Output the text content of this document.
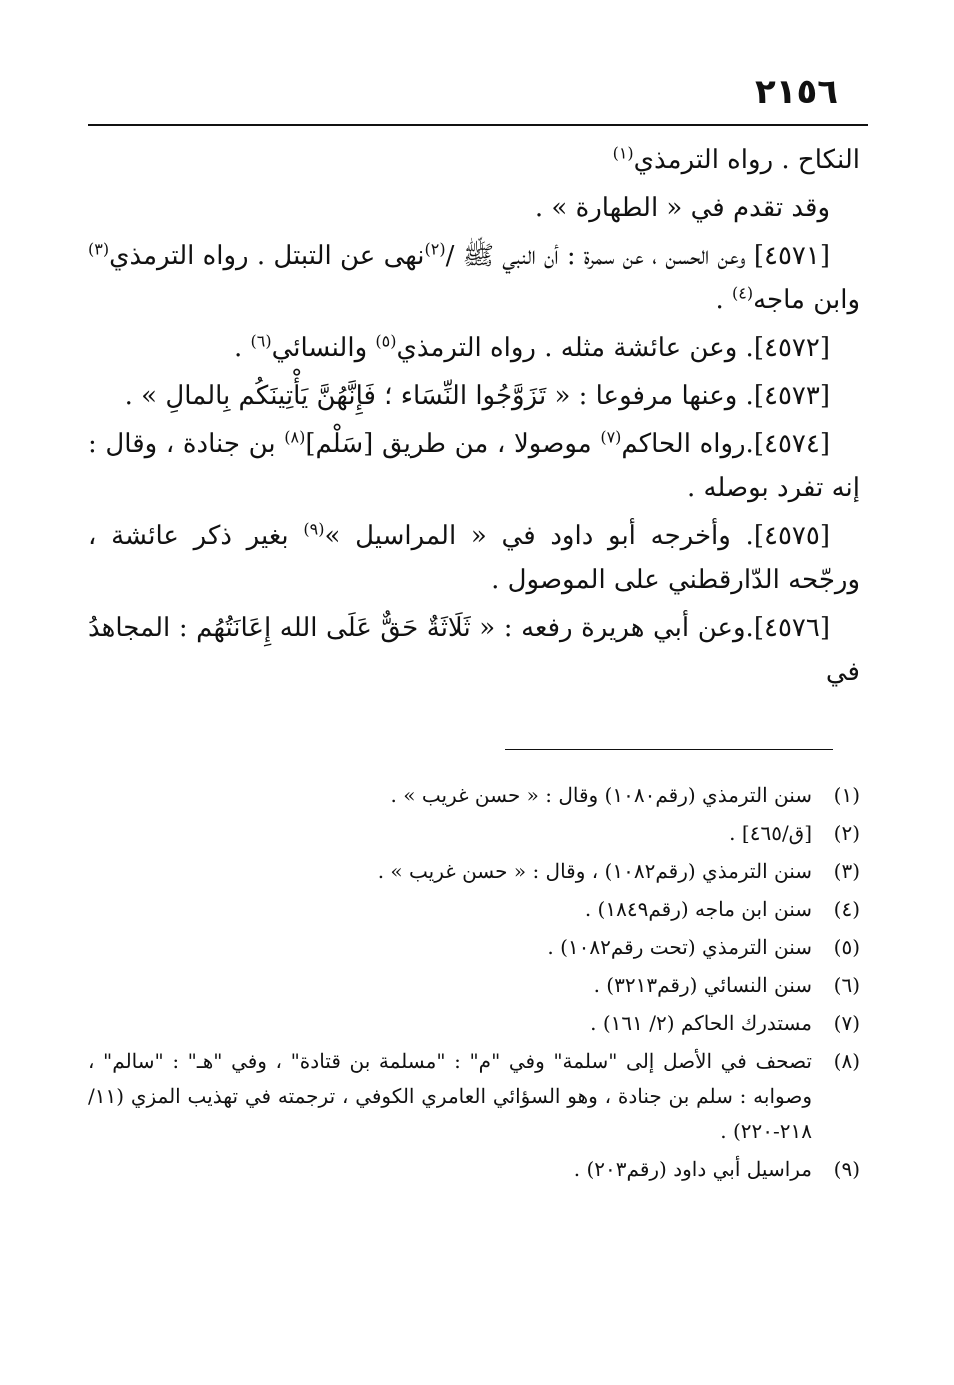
٢١٥٦

النكاح . رواه الترمذي$^{(١)}$

وقد تقدم في « الطهارة » .

[٤٥٧١] وعن الحسن ، عن سمرة : أن النبي ﷺ /$^{(٢)}$نهى عن التبتل . رواه الترمذي$^{(٣)}$ وابن ماجه$^{(٤)}$ .

[٤٥٧٢]. وعن عائشة مثله . رواه الترمذي$^{(٥)}$ والنسائي$^{(٦)}$ .

[٤٥٧٣]. وعنها مرفوعا : « تَزَوَّجُوا النِّسَاء ؛ فَإِنَّهُنَّ يَأْتِينَكُم بِالمالِ » .

[٤٥٧٤].رواه الحاكم$^{(٧)}$ موصولا ، من طريق [سَلْم]$^{(٨)}$ بن جنادة ، وقال : إنه تفرد بوصله .

[٤٥٧٥]. وأخرجه أبو داود في « المراسيل »$^{(٩)}$ بغير ذكر عائشة ، ورجّحه الدّارقطني على الموصول .

[٤٥٧٦].وعن أبي هريرة رفعه : « ثَلَاثَةٌ حَقٌّ عَلَى الله إِعَانَتُهُم : المجاهدُ في

(١)
سنن الترمذي (رقم١٠٨٠) وقال : « حسن غريب » .
(٢)
[ق/٤٦٥] .
(٣)
سنن الترمذي (رقم١٠٨٢) ، وقال : « حسن غريب » .
(٤)
سنن ابن ماجه (رقم١٨٤٩) .
(٥)
سنن الترمذي (تحت رقم١٠٨٢) .
(٦)
سنن النسائي (رقم٣٢١٣) .
(٧)
مستدرك الحاكم (٢/ ١٦١) .
(٨)
تصحف في الأصل إلى "سلمة" وفي "م" : "مسلمة بن قتادة" ، وفي "هـ" : "سالم" ، وصوابه : سلم بن جنادة ، وهو السؤائي العامري الكوفي ، ترجمته في تهذيب المزي (١١/ ٢١٨-٢٢٠) .
(٩)
مراسيل أبي داود (رقم٢٠٣) .
